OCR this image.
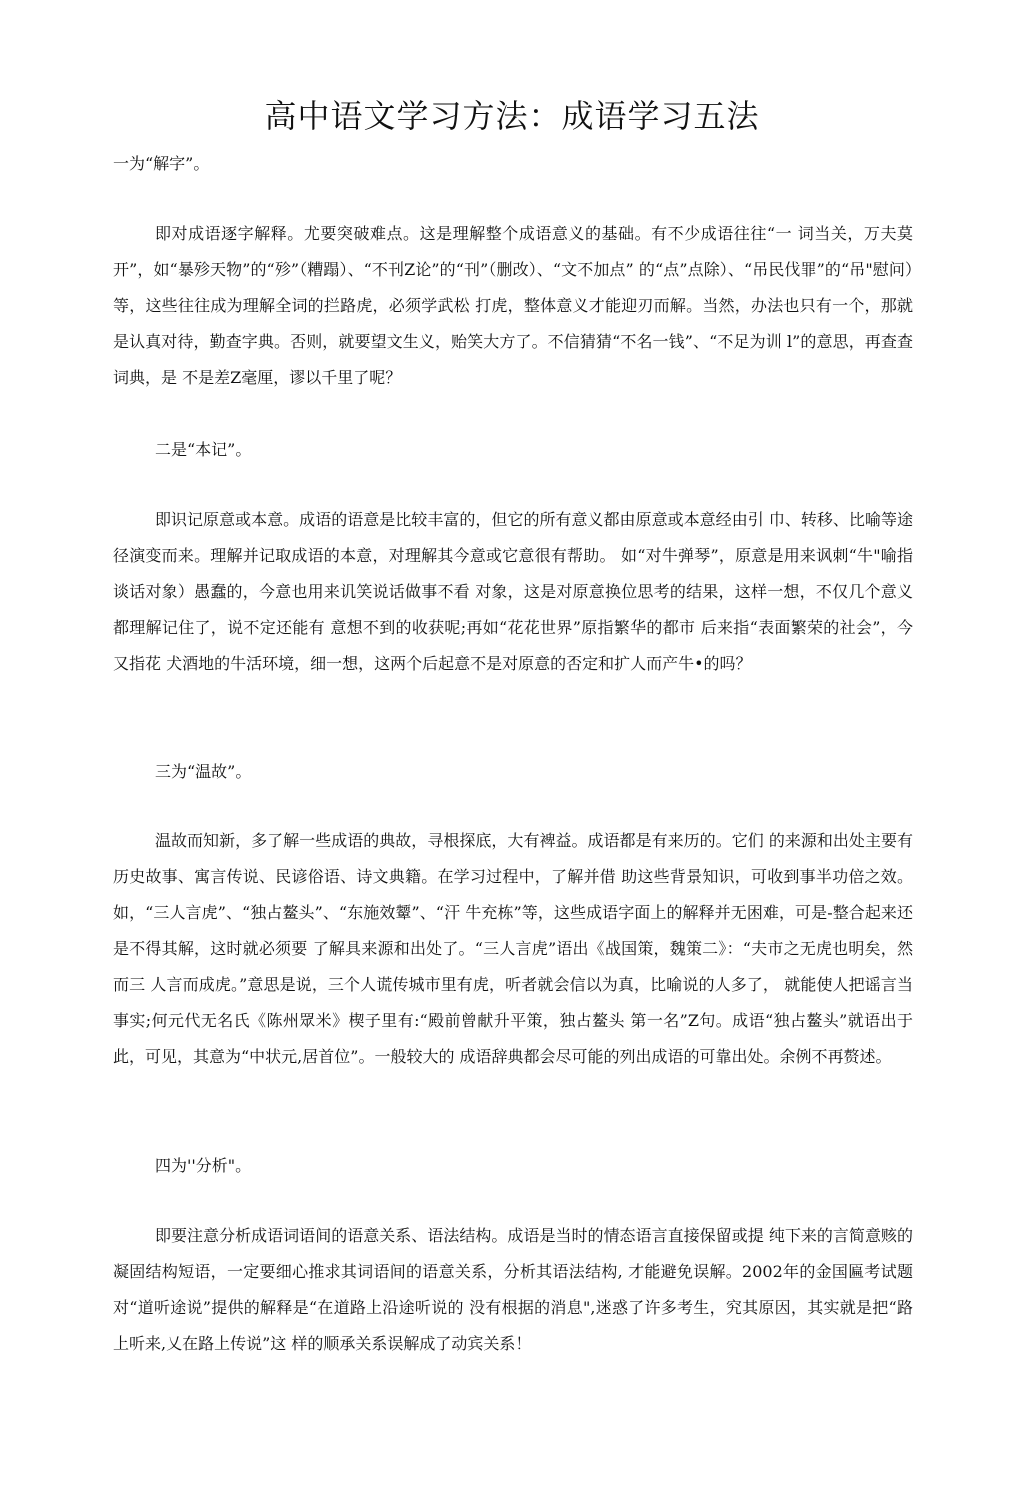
高中语文学习方法：成语学习五法

一为“解字”。

即对成语逐字解释。尤要突破难点。这是理解整个成语意义的基础。有不少成语往往“一 词当关，万夫莫开”，如“暴殄天物”的“殄”（糟蹋）、“不刊Z论”的“刊”（删改）、“文不加点” 的“点”点除）、“吊民伐罪”的“吊"慰问）等，这些往往成为理解全词的拦路虎，必须学武松 打虎，整体意义才能迎刃而解。当然，办法也只有一个，那就是认真对待，勤查字典。否则，就要望文生义，贻笑大方了。不信猜猜“不名一钱”、“不足为训 l”的意思，再查查词典，是 不是差Z毫厘，谬以千里了呢？

二是“本记”。

即识记原意或本意。成语的语意是比较丰富的，但它的所有意义都由原意或本意经由引 巾、转移、比喻等途径演变而来。理解并记取成语的本意，对理解其今意或它意很有帮助。 如“对牛弹琴”，原意是用来讽刺“牛"喻指谈话对象）愚蠢的，今意也用来讥笑说话做事不看 对象，这是对原意换位思考的结果，这样一想，不仅几个意义都理解记住了，说不定还能有 意想不到的收获呢;再如“花花世界”原指繁华的都市 后来指“表面繁荣的社会”，今又指花 犬酒地的牛活环境，细一想，这两个后起意不是对原意的否定和扩人而产牛•的吗？

三为“温故”。

温故而知新，多了解一些成语的典故，寻根探底，大有裨益。成语都是有来历的。它们 的来源和出处主要有历史故事、寓言传说、民谚俗语、诗文典籍。在学习过程中，了解并借 助这些背景知识，可收到事半功倍之效。如，“三人言虎”、“独占鳌头”、“东施效颦”、“汗 牛充栋”等，这些成语字面上的解释并无困难，可是-整合起来还是不得其解，这时就必须要 了解具来源和出处了。“三人言虎”语出《战国策，魏策二》：“夫市之无虎也明矣，然而三 人言而成虎。”意思是说，三个人谎传城市里有虎，听者就会信以为真，比喻说的人多了， 就能使人把谣言当事实;何元代无名氏《陈州眾米》楔子里有:“殿前曾献升平策，独占鳌头 第一名”Z句。成语“独占鳌头”就语出于此，可见，其意为“中状元,居首位”。一般较大的 成语辞典都会尽可能的列出成语的可靠出处。余例不再赘述。

四为''分析"。

即要注意分析成语词语间的语意关系、语法结构。成语是当时的情态语言直接保留或提 纯下来的言简意赅的凝固结构短语，一定要细心推求其词语间的语意关系，分析其语法结构, 才能避免误解。2002年的金国匾考试题对“道听途说”提供的解释是“在道路上沿途听说的 没有根据的消息",迷惑了许多考生，究其原因，其实就是把“路上听来,乂在路上传说”这 样的顺承关系误解成了动宾关系！
